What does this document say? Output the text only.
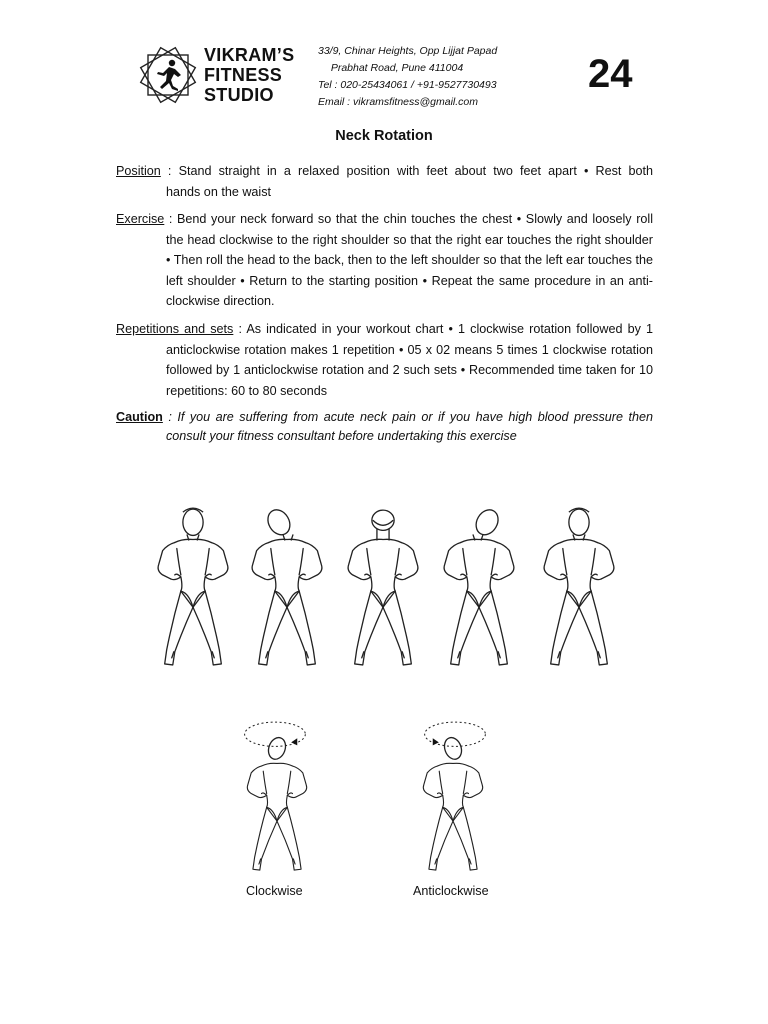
VIKRAM’S
FITNESS
STUDIO
33/9, Chinar Heights, Opp Lijjat Papad
Prabhat Road, Pune 411004
Tel : 020-25434061 / +91-9527730493
Email : vikramsfitness@gmail.com
24
Neck Rotation
Position : Stand straight in a relaxed position with feet about two feet apart • Rest both
hands on the waist
Exercise : Bend your neck forward so that the chin touches the chest • Slowly and loosely roll
the head clockwise to the right shoulder so that the right ear touches the right shoulder • Then roll the head to the back, then to the left shoulder so that the left ear touches the left shoulder • Return to the starting position • Repeat the same procedure in an anti-clockwise direction.
Repetitions and sets : As indicated in your workout chart • 1 clockwise rotation followed by 1
anticlockwise rotation makes 1 repetition • 05 x 02 means 5 times 1 clockwise rotation followed by 1 anticlockwise rotation and 2 such sets • Recommended time taken for 10 repetitions: 60 to 80 seconds
Caution : If you are suffering from acute neck pain or if you have high blood pressure then
consult your fitness consultant before undertaking this exercise
Clockwise	Anticlockwise
